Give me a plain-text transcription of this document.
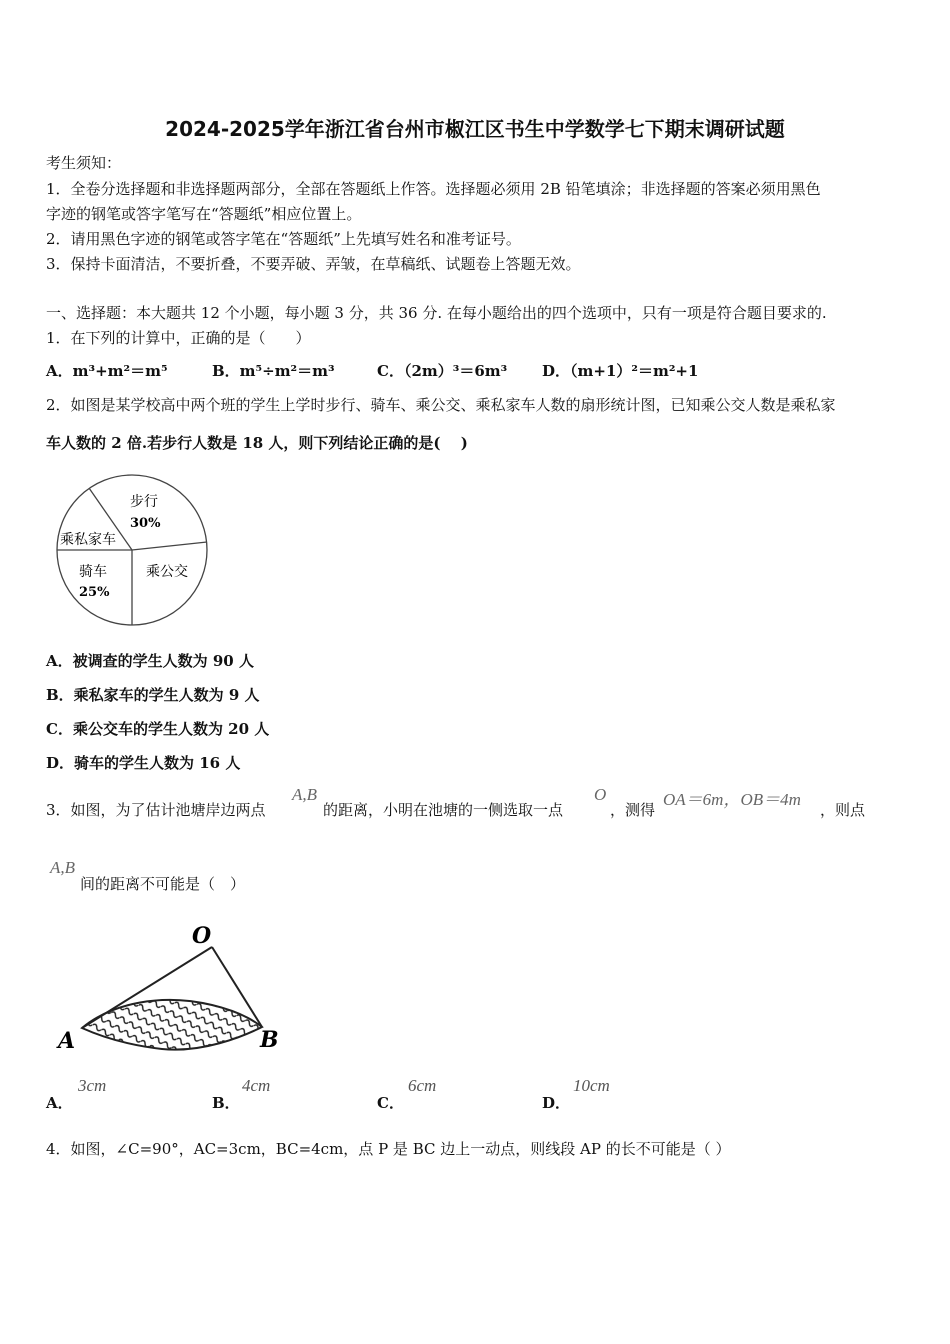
2024-2025学年浙江省台州市椒江区书生中学数学七下期末调研试题
考生须知：
1．全卷分选择题和非选择题两部分，全部在答题纸上作答。选择题必须用 2B 铅笔填涂；非选择题的答案必须用黑色
字迹的钢笔或答字笔写在“答题纸”相应位置上。
2．请用黑色字迹的钢笔或答字笔在“答题纸”上先填写姓名和准考证号。
3．保持卡面清洁，不要折叠，不要弄破、弄皱，在草稿纸、试题卷上答题无效。
一、选择题：本大题共 12 个小题，每小题 3 分，共 36 分. 在每小题给出的四个选项中，只有一项是符合题目要求的.
1．在下列的计算中，正确的是（　　）
A．m³+m²＝m⁵	B．m⁵÷m²＝m³	C．（2m）³＝6m³ D．（m+1）²＝m²+1
2．如图是某学校高中两个班的学生上学时步行、骑车、乘公交、乘私家车人数的扇形统计图，已知乘公交人数是乘私家
车人数的 2 倍.若步行人数是 18 人，则下列结论正确的是(　 )
步行
30%
乘私家车
骑车
25%
乘公交
A．被调查的学生人数为 90 人
B．乘私家车的学生人数为 9 人
C．乘公交车的学生人数为 20 人
D．骑车的学生人数为 16 人
3．如图，为了估计池塘岸边两点
A,B
的距离，小明在池塘的一侧选取一点
O
，测得
OA＝6m，OB＝4m
，则点
A,B
间的距离不可能是（　）
O
A	B
A．
3cm
B．
4cm
C．
6cm
D．
10cm
4．如图，∠C=90°，AC=3cm，BC=4cm，点 P 是 BC 边上一动点，则线段 AP 的长不可能是（ ）
